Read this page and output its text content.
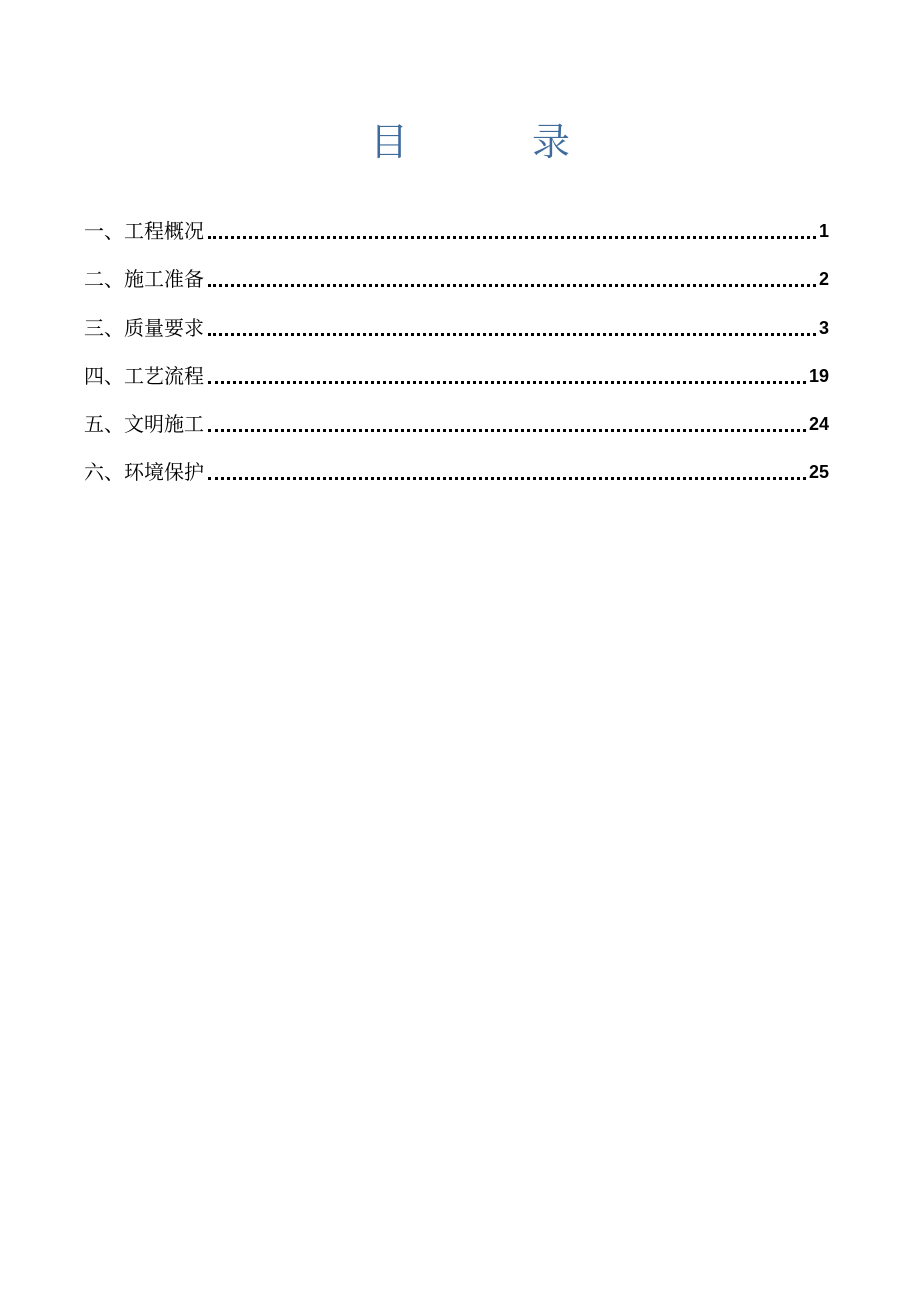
目	录
一、工程概况	1
二、施工准备	2
三、质量要求	3
四、工艺流程	19
五、文明施工	24
六、环境保护	25
